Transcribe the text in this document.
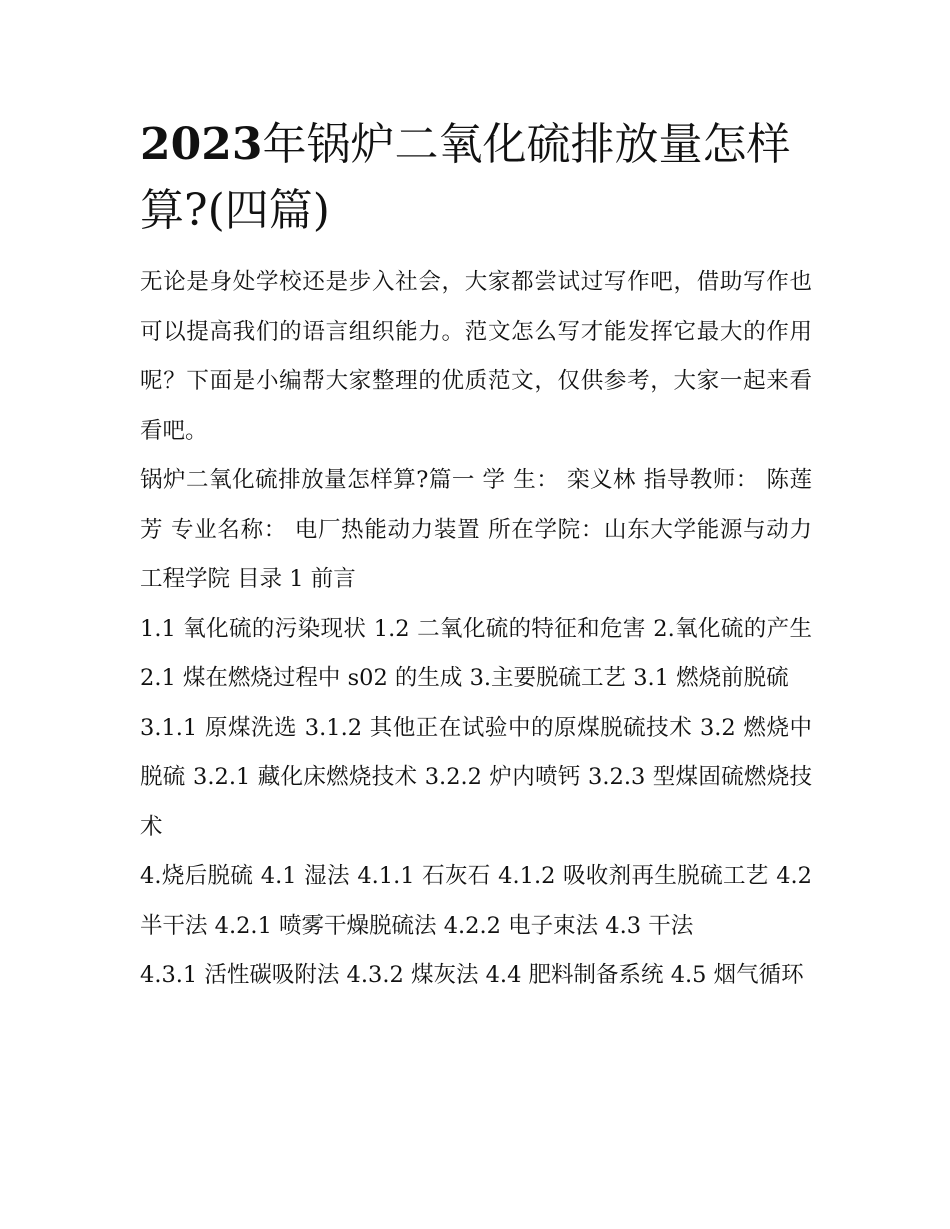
2023年锅炉二氧化硫排放量怎样算?(四篇)

无论是身处学校还是步入社会，大家都尝试过写作吧，借助写作也可以提高我们的语言组织能力。范文怎么写才能发挥它最大的作用呢？下面是小编帮大家整理的优质范文，仅供参考，大家一起来看看吧。

锅炉二氧化硫排放量怎样算?篇一 学 生： 栾义林 指导教师： 陈莲芳 专业名称： 电厂热能动力装置 所在学院：山东大学能源与动力工程学院 目录 1 前言

1.1 氧化硫的污染现状 1.2 二氧化硫的特征和危害 2.氧化硫的产生 2.1 煤在燃烧过程中 s02 的生成 3.主要脱硫工艺 3.1 燃烧前脱硫

3.1.1 原煤洗选 3.1.2 其他正在试验中的原煤脱硫技术 3.2 燃烧中脱硫 3.2.1 藏化床燃烧技术 3.2.2 炉内喷钙 3.2.3 型煤固硫燃烧技术

4.烧后脱硫 4.1 湿法 4.1.1 石灰石 4.1.2 吸收剂再生脱硫工艺 4.2 半干法 4.2.1 喷雾干燥脱硫法 4.2.2 电子束法 4.3 干法

4.3.1 活性碳吸附法 4.3.2 煤灰法 4.4 肥料制备系统 4.5 烟气循环
